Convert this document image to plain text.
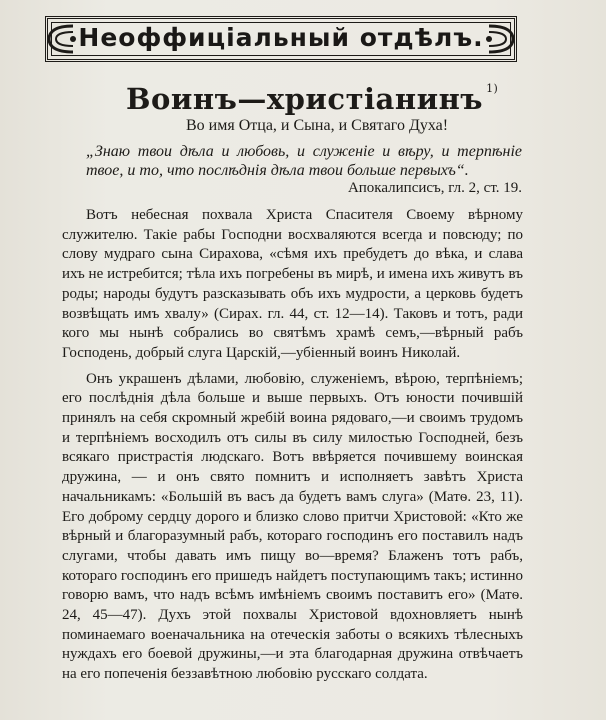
Неоффиціальный отдѣлъ.
Воинъ—христіанинъ $^{1)}$
Во имя Отца, и Сына, и Святаго Духа!
„Знаю твои дѣла и любовь, и служеніе и вѣру, и терпѣніе твое, и то, что послѣднія дѣла твои больше первыхъ“.
Апокалипсисъ, гл. 2, ст. 19.

Вотъ небесная похвала Христа Спасителя Своему вѣрному служителю. Такіе рабы Господни восхваляются всегда и повсюду; по слову мудраго сына Сирахова, «сѣмя ихъ пребудетъ до вѣка, и слава ихъ не истребится; тѣла ихъ погребены въ мирѣ, и имена ихъ живутъ въ роды; народы будутъ разсказывать объ ихъ мудрости, а церковь будетъ возвѣщать имъ хвалу» (Сирах. гл. 44, ст. 12—14). Таковъ и тотъ, ради кого мы нынѣ собрались во святѣмъ храмѣ семъ,—вѣрный рабъ Господень, добрый слуга Царскій,—убіенный воинъ Николай.

Онъ украшенъ дѣлами, любовію, служеніемъ, вѣрою, терпѣніемъ; его послѣднія дѣла больше и выше первыхъ. Отъ юности почившій принялъ на себя скромный жребій воина рядоваго,—и своимъ трудомъ и терпѣніемъ восходилъ отъ силы въ силу милостью Господней, безъ всякаго пристрастія людскаго. Вотъ ввѣряется почившему воинская дружина, — и онъ свято помнитъ и исполняетъ завѣтъ Христа начальникамъ: «Большій въ васъ да будетъ вамъ слуга» (Матѳ. 23, 11). Его доброму сердцу дорого и близко слово притчи Христовой: «Кто же вѣрный и благоразумный рабъ, котораго господинъ его поставилъ надъ слугами, чтобы давать имъ пищу во—время? Блаженъ тотъ рабъ, котораго господинъ его пришедъ найдетъ поступающимъ такъ; истинно говорю вамъ, что надъ всѣмъ имѣніемъ своимъ поставитъ его» (Матѳ. 24, 45—47). Духъ этой похвалы Христовой вдохновляетъ нынѣ поминаемаго военачальника на отеческія заботы о всякихъ тѣлесныхъ нуждахъ его боевой дружины,—и эта благодарная дружина отвѣчаетъ на его попеченія беззавѣтною любовію русскаго солдата.
